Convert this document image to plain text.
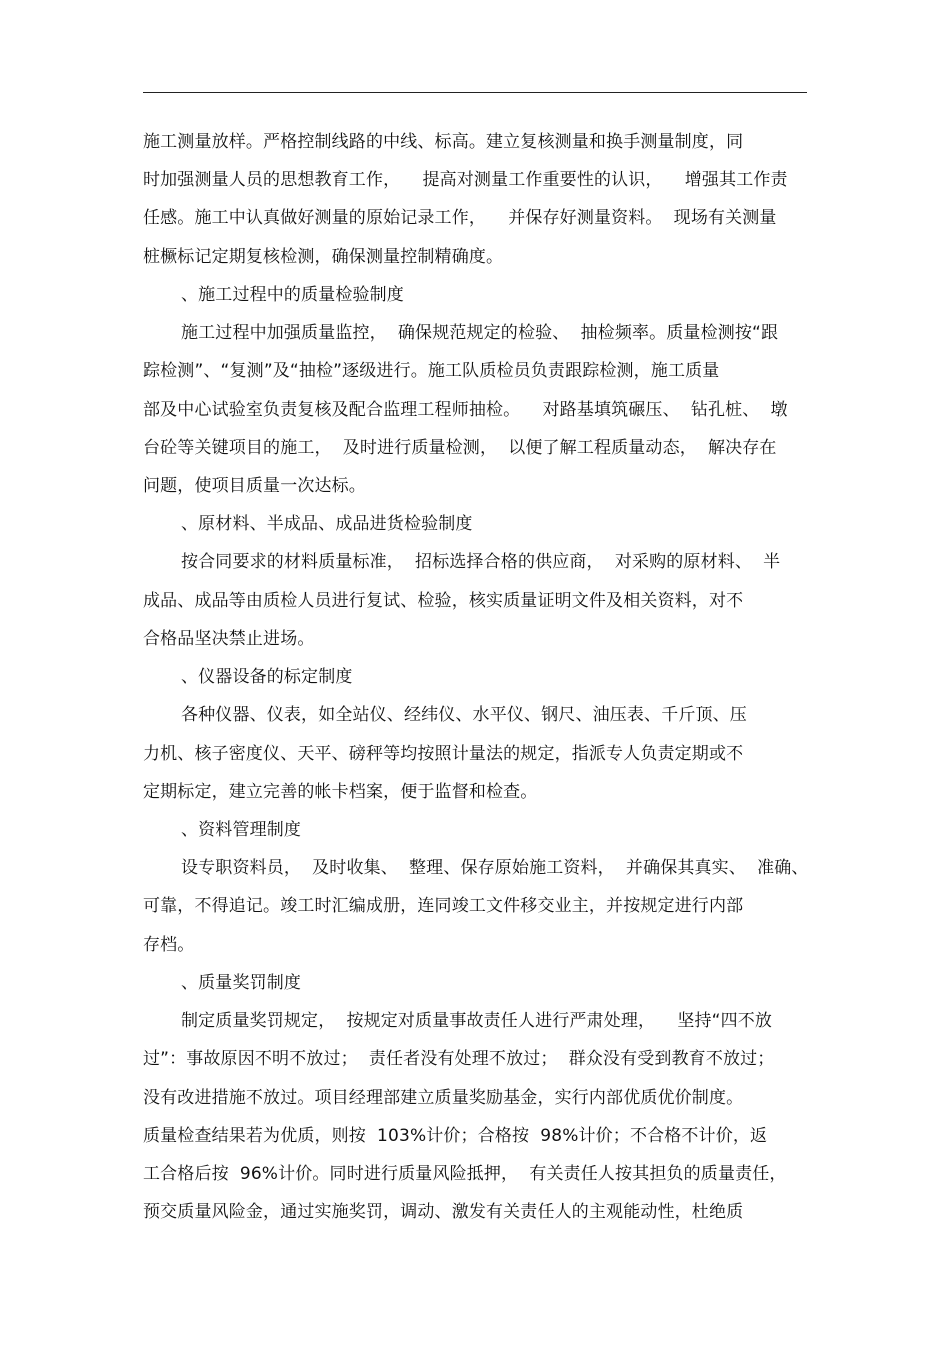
施工测量放样。严格控制线路的中线、标高。建立复核测量和换手测量制度，同
时加强测量人员的思想教育工作，    提高对测量工作重要性的认识，    增强其工作责
任感。施工中认真做好测量的原始记录工作，    并保存好测量资料。  现场有关测量
桩橛标记定期复核检测，确保测量控制精确度。
、施工过程中的质量检验制度
施工过程中加强质量监控，  确保规范规定的检验、  抽检频率。质量检测按“跟
踪检测”、“复测”及“抽检”逐级进行。施工队质检员负责跟踪检测，施工质量
部及中心试验室负责复核及配合监理工程师抽检。    对路基填筑碾压、  钻孔桩、  墩
台砼等关键项目的施工，  及时进行质量检测，  以便了解工程质量动态，  解决存在
问题，使项目质量一次达标。
、原材料、半成品、成品进货检验制度
按合同要求的材料质量标准，  招标选择合格的供应商，  对采购的原材料、  半
成品、成品等由质检人员进行复试、检验，核实质量证明文件及相关资料，对不
合格品坚决禁止进场。
、仪器设备的标定制度
各种仪器、仪表，如全站仪、经纬仪、水平仪、钢尺、油压表、千斤顶、压
力机、核子密度仪、天平、磅秤等均按照计量法的规定，指派专人负责定期或不
定期标定，建立完善的帐卡档案，便于监督和检查。
、资料管理制度
设专职资料员，  及时收集、  整理、保存原始施工资料，  并确保其真实、  准确、
可靠，不得追记。竣工时汇编成册，连同竣工文件移交业主，并按规定进行内部
存档。
、质量奖罚制度
制定质量奖罚规定，  按规定对质量事故责任人进行严肃处理，    坚持“四不放
过”：事故原因不明不放过；  责任者没有处理不放过；  群众没有受到教育不放过；
没有改进措施不放过。项目经理部建立质量奖励基金，实行内部优质优价制度。
质量检查结果若为优质，则按  103%计价；合格按  98%计价；不合格不计价，返
工合格后按  96%计价。同时进行质量风险抵押，  有关责任人按其担负的质量责任，
预交质量风险金，通过实施奖罚，调动、激发有关责任人的主观能动性，杜绝质
